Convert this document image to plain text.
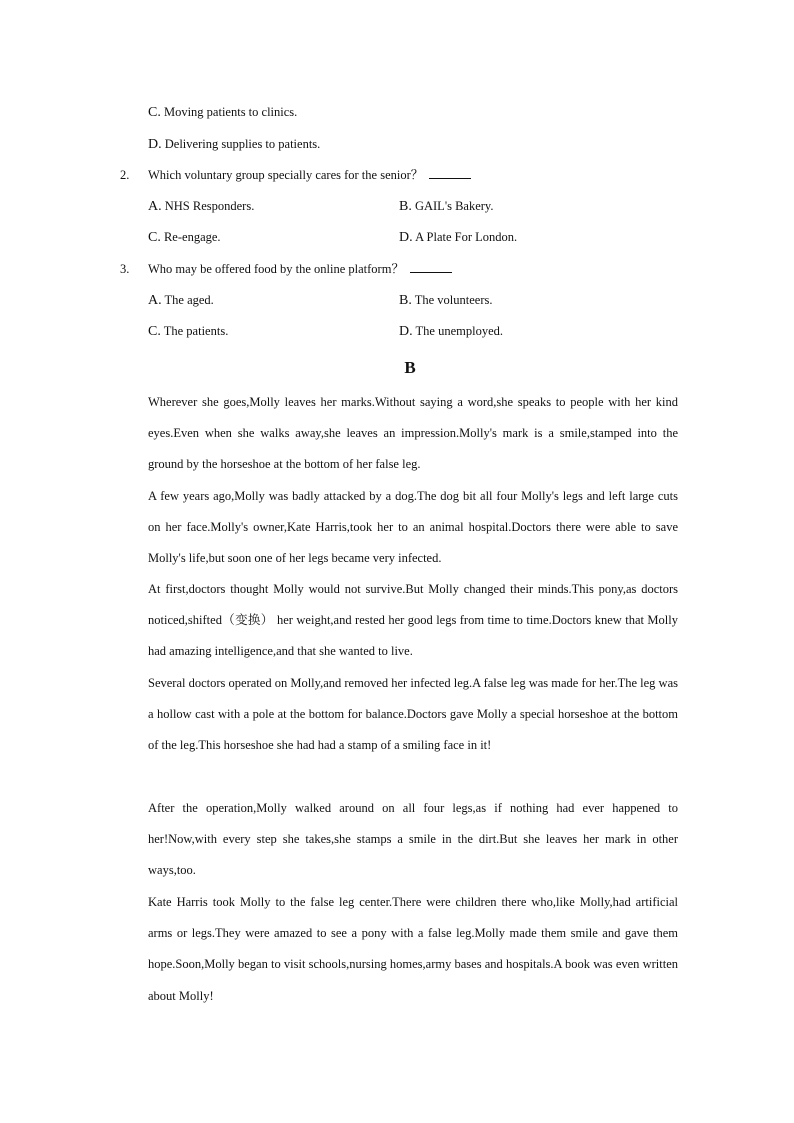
C. Moving patients to clinics.
D. Delivering supplies to patients.
2. Which voluntary group specially cares for the senior？
A. NHS Responders.	B. GAIL's Bakery.
C. Re-engage.	D. A Plate For London.
3. Who may be offered food by the online platform？
A. The aged.	B. The volunteers.
C. The patients.	D. The unemployed.
B
Wherever she goes,Molly leaves her marks.Without saying a word,she speaks to people with her kind eyes.Even when she walks away,she leaves an impression.Molly's mark is a smile,stamped into the ground by the horseshoe at the bottom of her false leg.
A few years ago,Molly was badly attacked by a dog.The dog bit all four Molly's legs and left large cuts on her face.Molly's owner,Kate Harris,took her to an animal hospital.Doctors there were able to save Molly's life,but soon one of her legs became very infected.
At first,doctors thought Molly would not survive.But Molly changed their minds.This pony,as doctors noticed,shifted（变换） her weight,and rested her good legs from time to time.Doctors knew that Molly had amazing intelligence,and that she wanted to live.
Several doctors operated on Molly,and removed her infected leg.A false leg was made for her.The leg was a hollow cast with a pole at the bottom for balance.Doctors gave Molly a special horseshoe at the bottom of the leg.This horseshoe she had had a stamp of a smiling face in it!
After the operation,Molly walked around on all four legs,as if nothing had ever happened to her!Now,with every step she takes,she stamps a smile in the dirt.But she leaves her mark in other ways,too.
Kate Harris took Molly to the false leg center.There were children there who,like Molly,had artificial arms or legs.They were amazed to see a pony with a false leg.Molly made them smile and gave them hope.Soon,Molly began to visit schools,nursing homes,army bases and hospitals.A book was even written about Molly!
